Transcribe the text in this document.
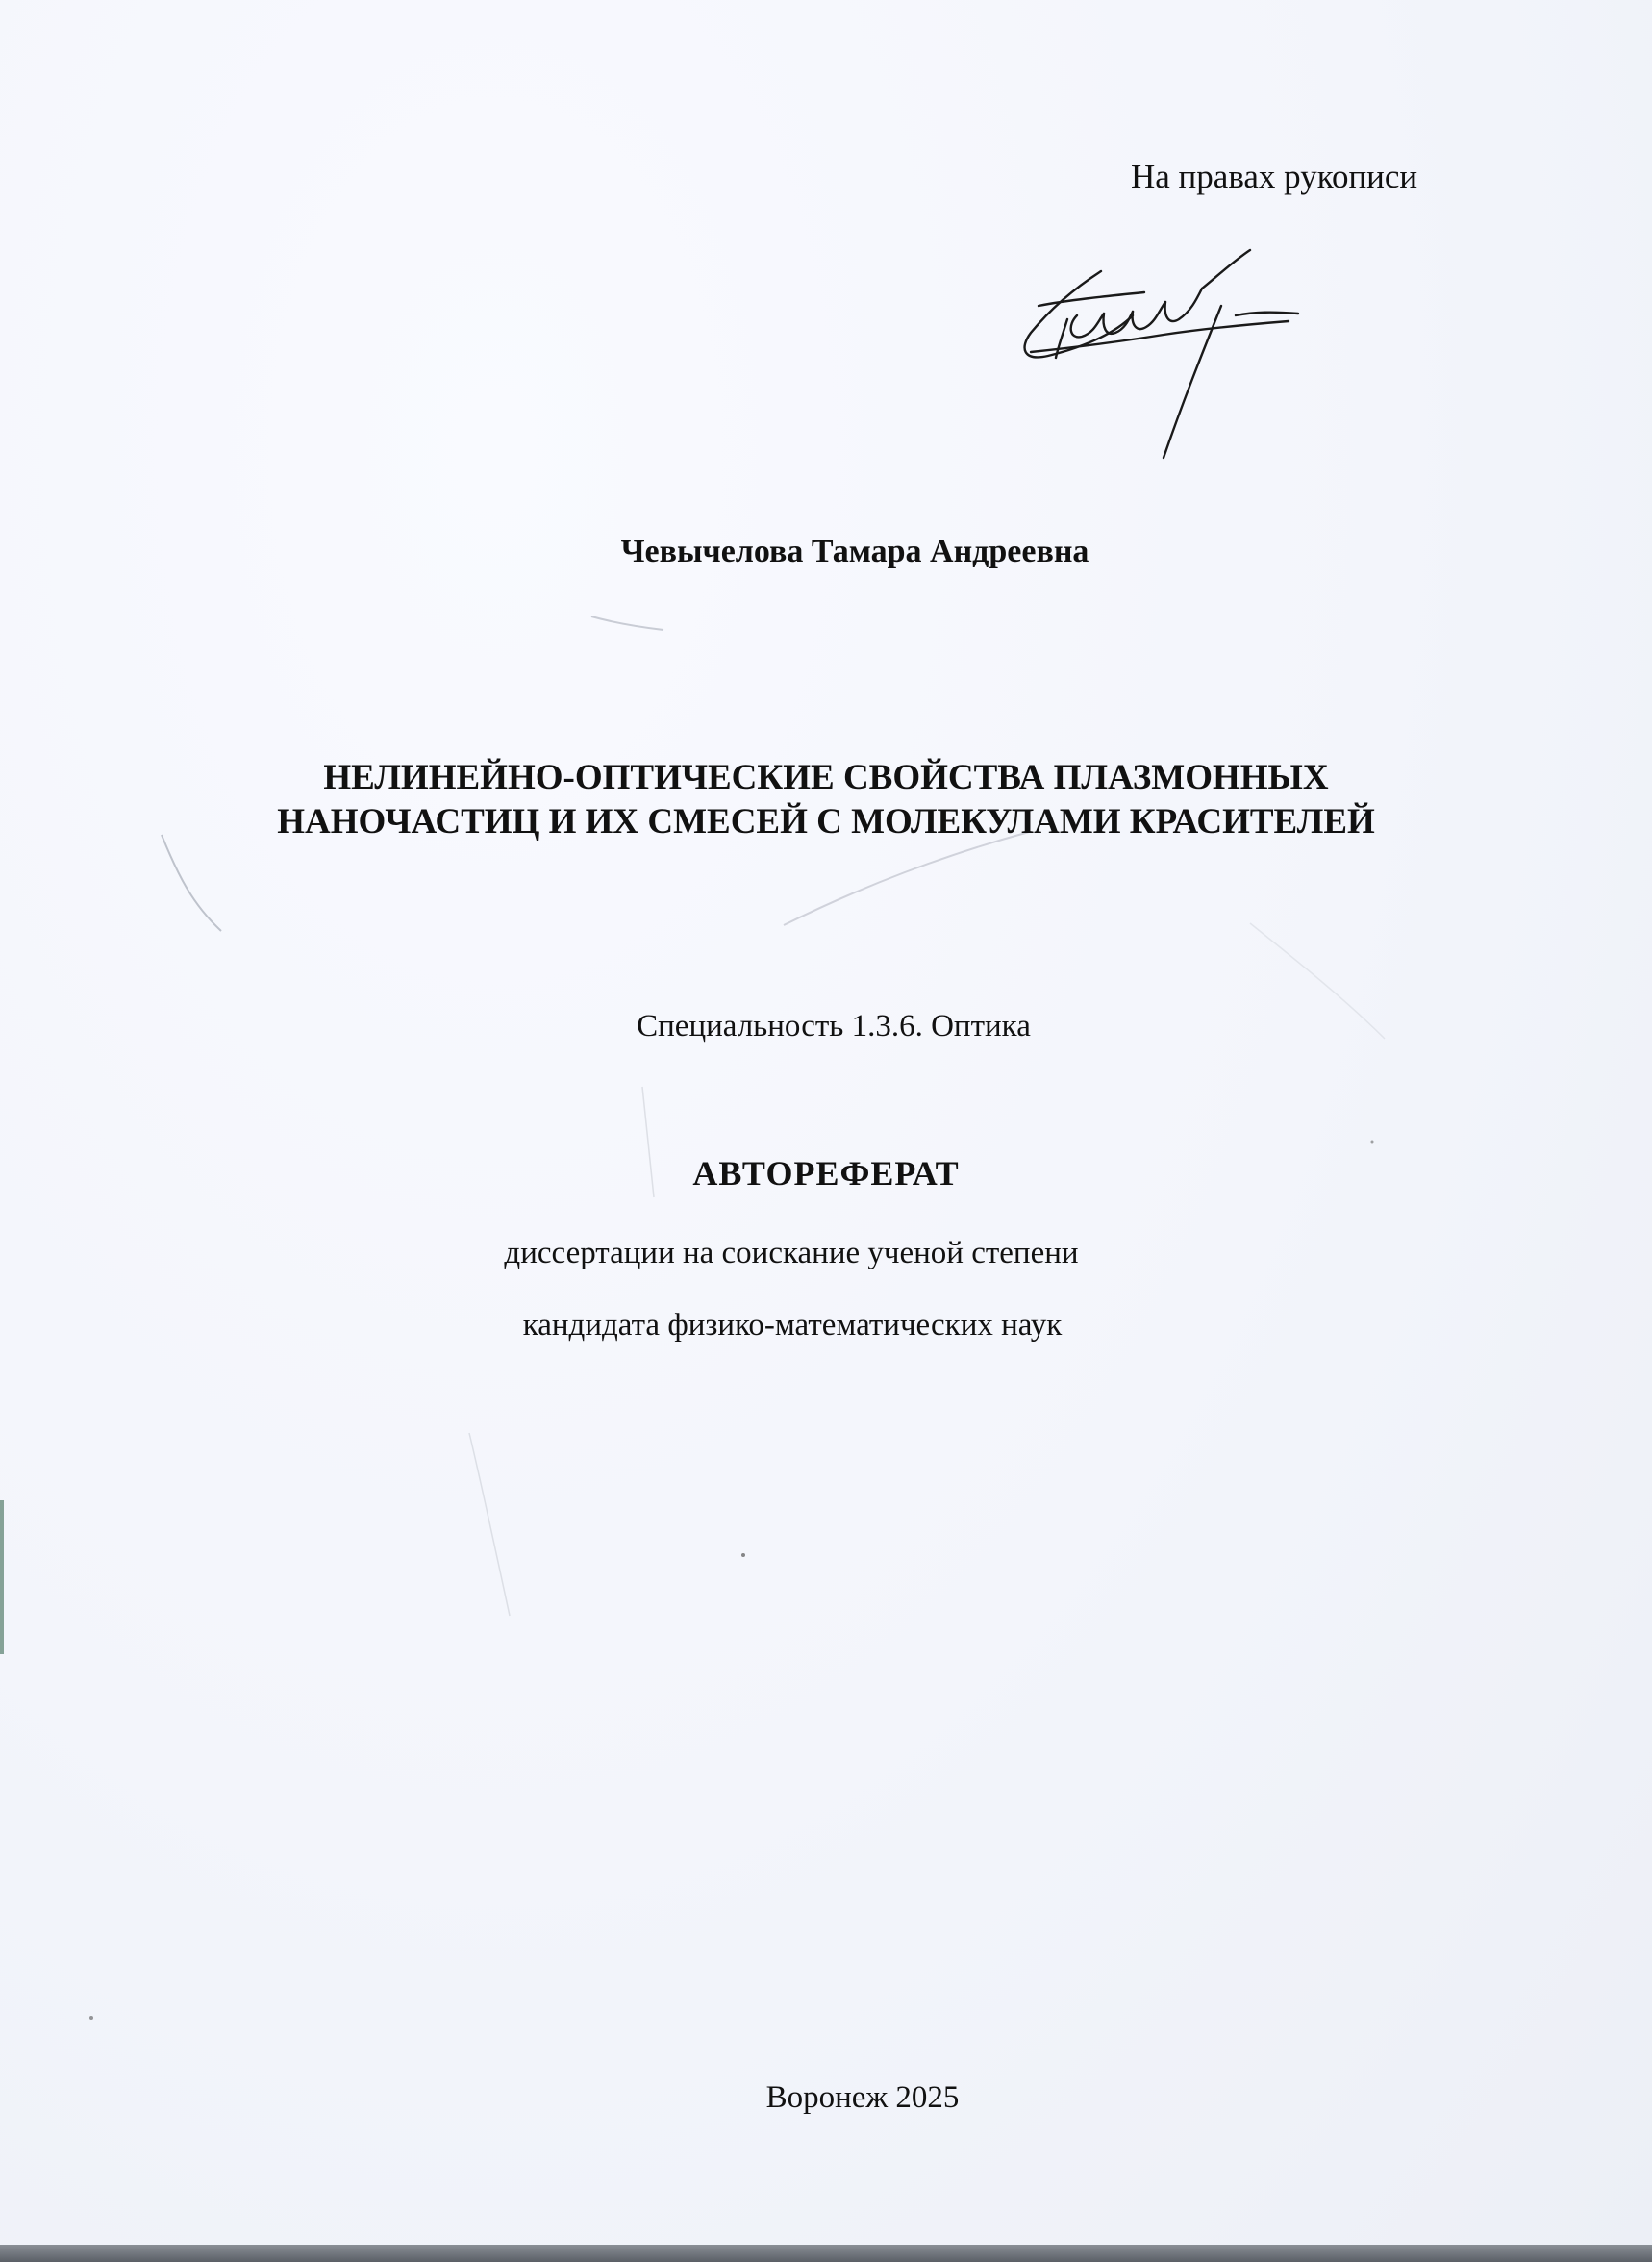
На правах рукописи
Чевычелова Тамара Андреевна
НЕЛИНЕЙНО-ОПТИЧЕСКИЕ СВОЙСТВА ПЛАЗМОННЫХ
НАНОЧАСТИЦ И ИХ СМЕСЕЙ С МОЛЕКУЛАМИ КРАСИТЕЛЕЙ
Специальность 1.3.6. Оптика
АВТОРЕФЕРАТ
диссертации на соискание ученой степени
кандидата физико-математических наук
Воронеж 2025
